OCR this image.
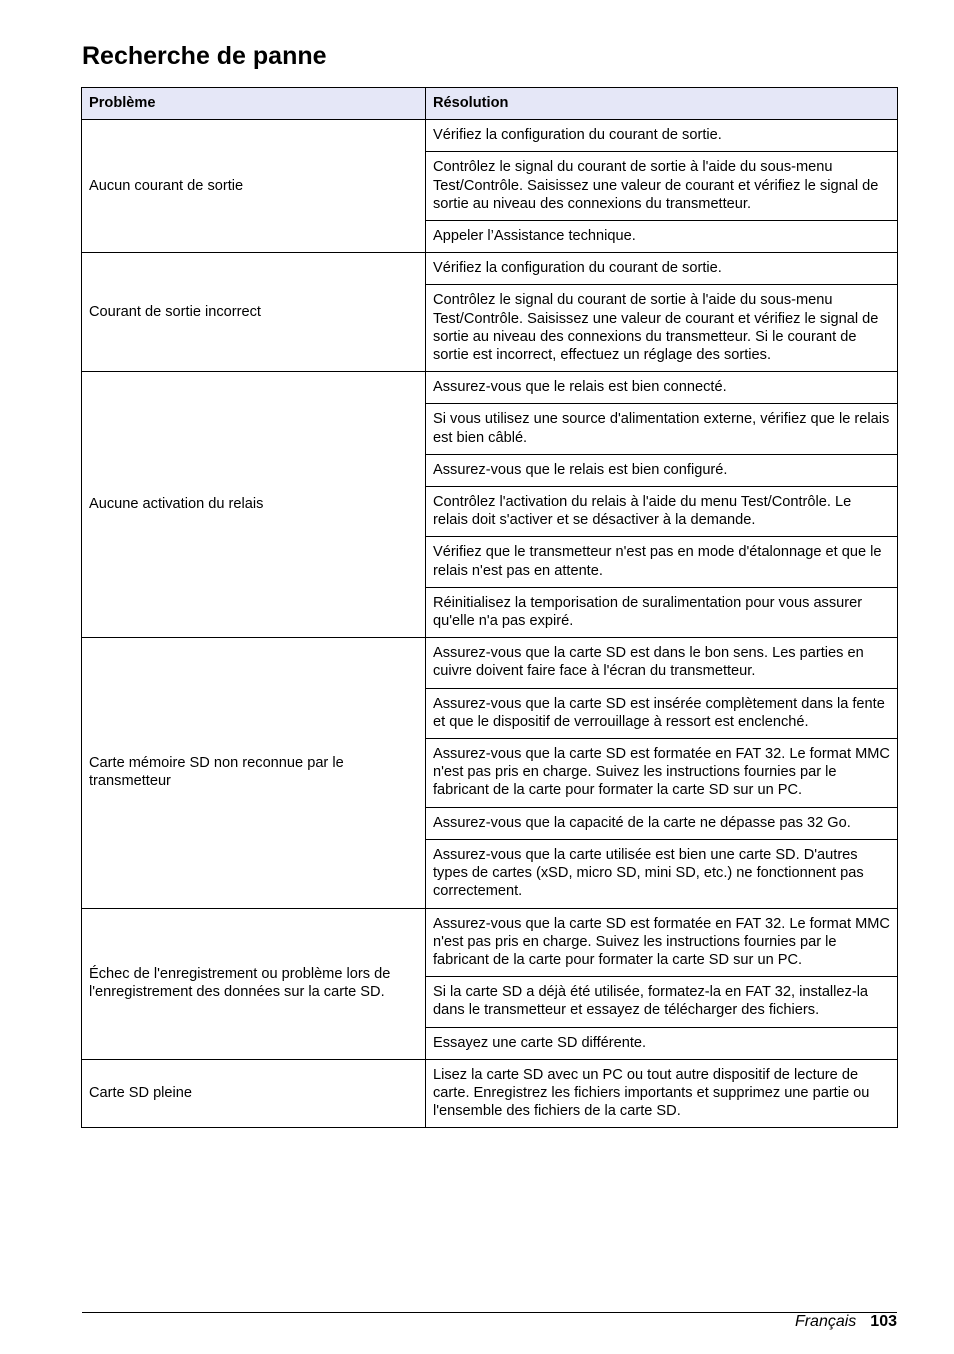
Recherche de panne
Problème	Résolution
Aucun courant de sortie	Vérifiez la configuration du courant de sortie.
	Contrôlez le signal du courant de sortie à l'aide du sous-menu Test/Contrôle. Saisissez une valeur de courant et vérifiez le signal de sortie au niveau des connexions du transmetteur.
	Appeler l’Assistance technique.
Courant de sortie incorrect	Vérifiez la configuration du courant de sortie.
	Contrôlez le signal du courant de sortie à l'aide du sous-menu Test/Contrôle. Saisissez une valeur de courant et vérifiez le signal de sortie au niveau des connexions du transmetteur. Si le courant de sortie est incorrect, effectuez un réglage des sorties.
Aucune activation du relais	Assurez-vous que le relais est bien connecté.
	Si vous utilisez une source d'alimentation externe, vérifiez que le relais est bien câblé.
	Assurez-vous que le relais est bien configuré.
	Contrôlez l'activation du relais à l'aide du menu Test/Contrôle. Le relais doit s'activer et se désactiver à la demande.
	Vérifiez que le transmetteur n'est pas en mode d'étalonnage et que le relais n'est pas en attente.
	Réinitialisez la temporisation de suralimentation pour vous assurer qu'elle n'a pas expiré.
Carte mémoire SD non reconnue par le transmetteur	Assurez-vous que la carte SD est dans le bon sens. Les parties en cuivre doivent faire face à l'écran du transmetteur.
	Assurez-vous que la carte SD est insérée complètement dans la fente et que le dispositif de verrouillage à ressort est enclenché.
	Assurez-vous que la carte SD est formatée en FAT 32. Le format MMC n'est pas pris en charge. Suivez les instructions fournies par le fabricant de la carte pour formater la carte SD sur un PC.
	Assurez-vous que la capacité de la carte ne dépasse pas 32 Go.
	Assurez-vous que la carte utilisée est bien une carte SD. D'autres types de cartes (xSD, micro SD, mini SD, etc.) ne fonctionnent pas correctement.
Échec de l'enregistrement ou problème lors de l'enregistrement des données sur la carte SD.	Assurez-vous que la carte SD est formatée en FAT 32. Le format MMC n'est pas pris en charge. Suivez les instructions fournies par le fabricant de la carte pour formater la carte SD sur un PC.
	Si la carte SD a déjà été utilisée, formatez-la en FAT 32, installez-la dans le transmetteur et essayez de télécharger des fichiers.
	Essayez une carte SD différente.
Carte SD pleine	Lisez la carte SD avec un PC ou tout autre dispositif de lecture de carte. Enregistrez les fichiers importants et supprimez une partie ou l'ensemble des fichiers de la carte SD.
Français 103
